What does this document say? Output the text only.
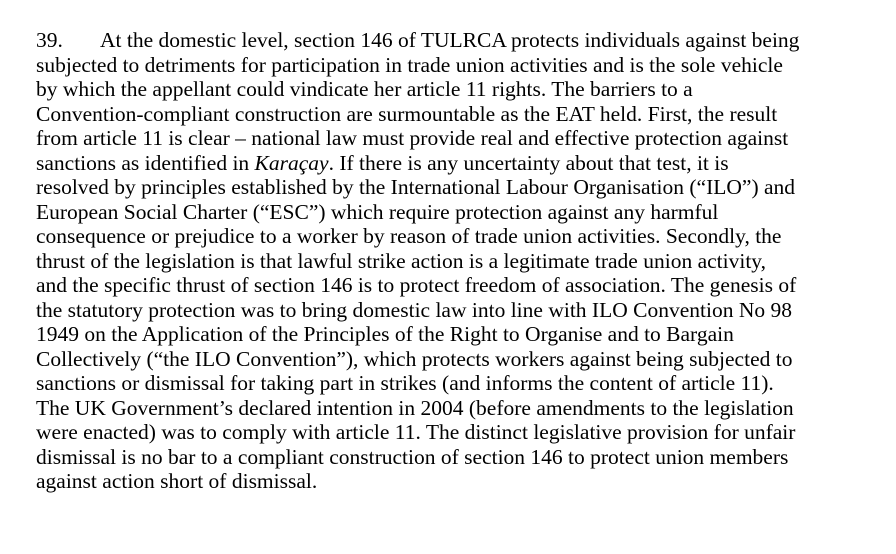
39. At the domestic level, section 146 of TULRCA protects individuals against being
subjected to detriments for participation in trade union activities and is the sole vehicle
by which the appellant could vindicate her article 11 rights. The barriers to a
Convention-compliant construction are surmountable as the EAT held. First, the result
from article 11 is clear – national law must provide real and effective protection against
sanctions as identified in Karaçay. If there is any uncertainty about that test, it is
resolved by principles established by the International Labour Organisation (“ILO”) and
European Social Charter (“ESC”) which require protection against any harmful
consequence or prejudice to a worker by reason of trade union activities. Secondly, the
thrust of the legislation is that lawful strike action is a legitimate trade union activity,
and the specific thrust of section 146 is to protect freedom of association. The genesis of
the statutory protection was to bring domestic law into line with ILO Convention No 98
1949 on the Application of the Principles of the Right to Organise and to Bargain
Collectively (“the ILO Convention”), which protects workers against being subjected to
sanctions or dismissal for taking part in strikes (and informs the content of article 11).
The UK Government’s declared intention in 2004 (before amendments to the legislation
were enacted) was to comply with article 11. The distinct legislative provision for unfair
dismissal is no bar to a compliant construction of section 146 to protect union members
against action short of dismissal.
